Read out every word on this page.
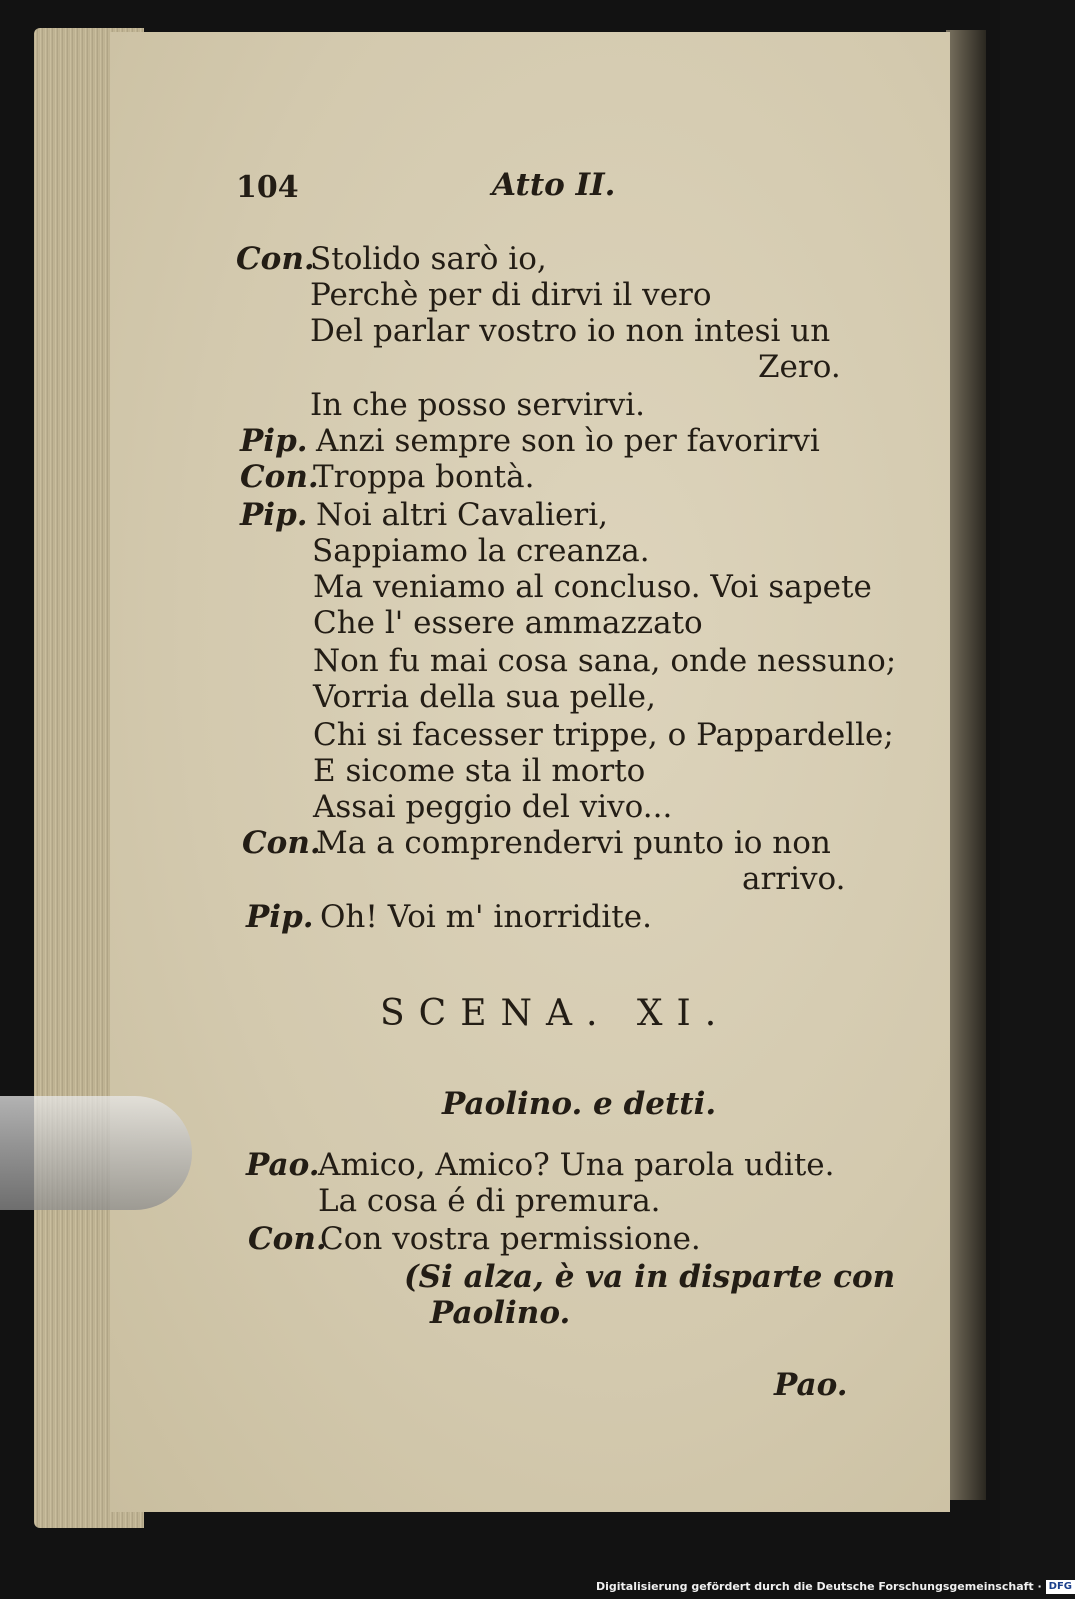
104	Atto II.
Con.
Stolido sarò io,
Perchè per di dirvi il vero
Del parlar vostro io non intesi un
Zero.
In che posso servirvi.
Pip. Anzi sempre son ìo per favorirvi
Con.
Troppa bontà.
Pip. Noi altri Cavalieri,
Sappiamo la creanza.
Ma veniamo al concluso. Voi sapete
Che l' essere ammazzato
Non fu mai cosa sana, onde nessuno;
Vorria della sua pelle,
Chi si facesser trippe, o Pappardelle;
E sicome sta il morto
Assai peggio del vivo...
Con.
Ma a comprendervi punto io non
arrivo.
Pip. Oh! Voi m' inorridite.
SCENA. XI.
Paolino. e detti.
Pao.
Amico, Amico? Una parola udite.
La cosa é di premura.
Con.
Con vostra permissione.
(Si alza, è va in disparte con
Paolino.
Pao.
Digitalisierung gefördert durch die Deutsche Forschungsgemeinschaft · DFG
